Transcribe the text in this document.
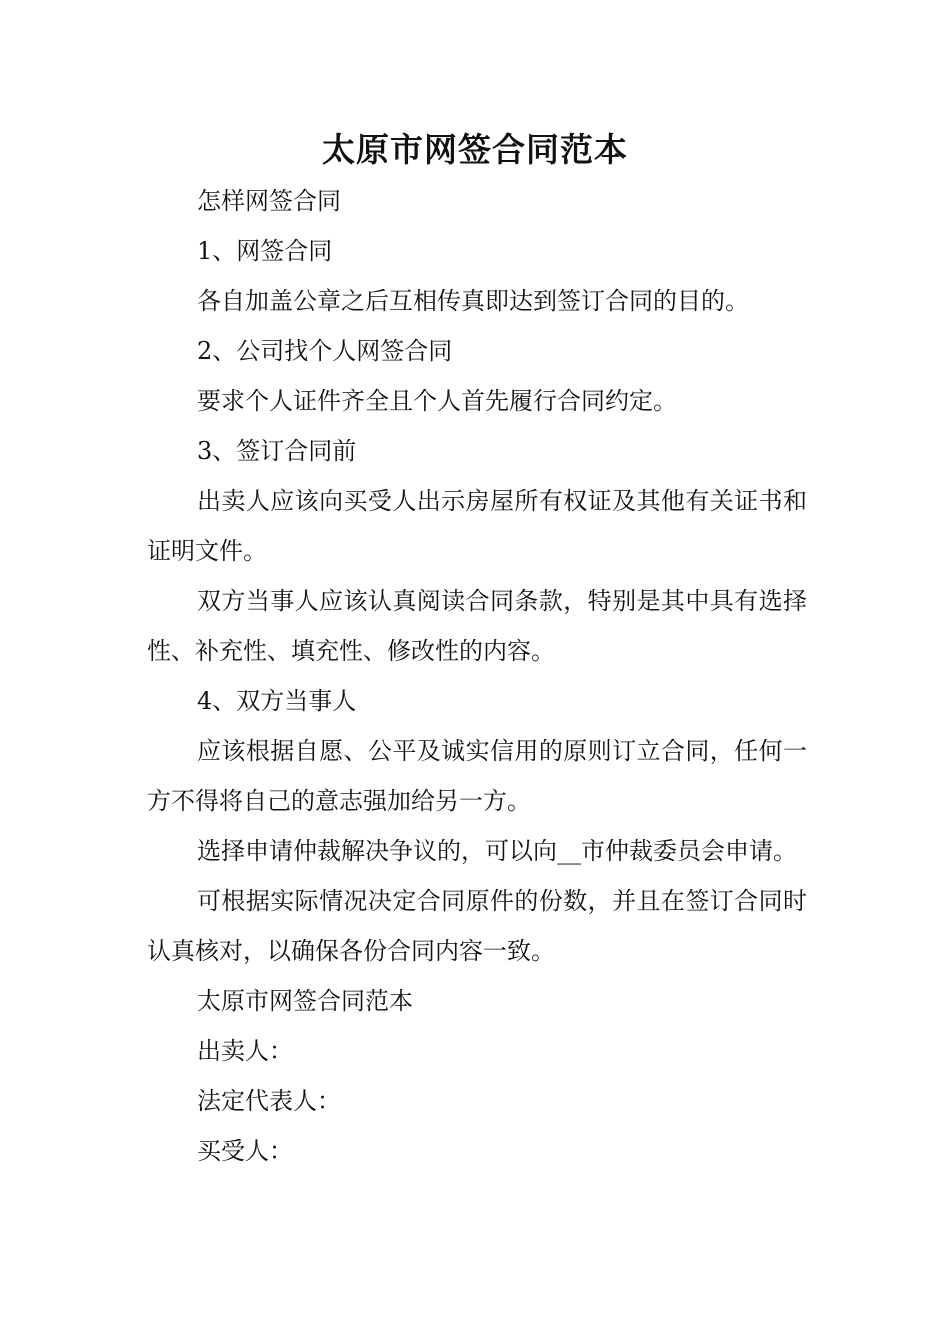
太原市网签合同范本

怎样网签合同

1、网签合同

各自加盖公章之后互相传真即达到签订合同的目的。

2、公司找个人网签合同

要求个人证件齐全且个人首先履行合同约定。

3、签订合同前

出卖人应该向买受人出示房屋所有权证及其他有关证书和证明文件。

双方当事人应该认真阅读合同条款，特别是其中具有选择性、补充性、填充性、修改性的内容。

4、双方当事人

应该根据自愿、公平及诚实信用的原则订立合同，任何一方不得将自己的意志强加给另一方。

选择申请仲裁解决争议的，可以向__市仲裁委员会申请。

可根据实际情况决定合同原件的份数，并且在签订合同时认真核对，以确保各份合同内容一致。

太原市网签合同范本

出卖人：

法定代表人：

买受人：
